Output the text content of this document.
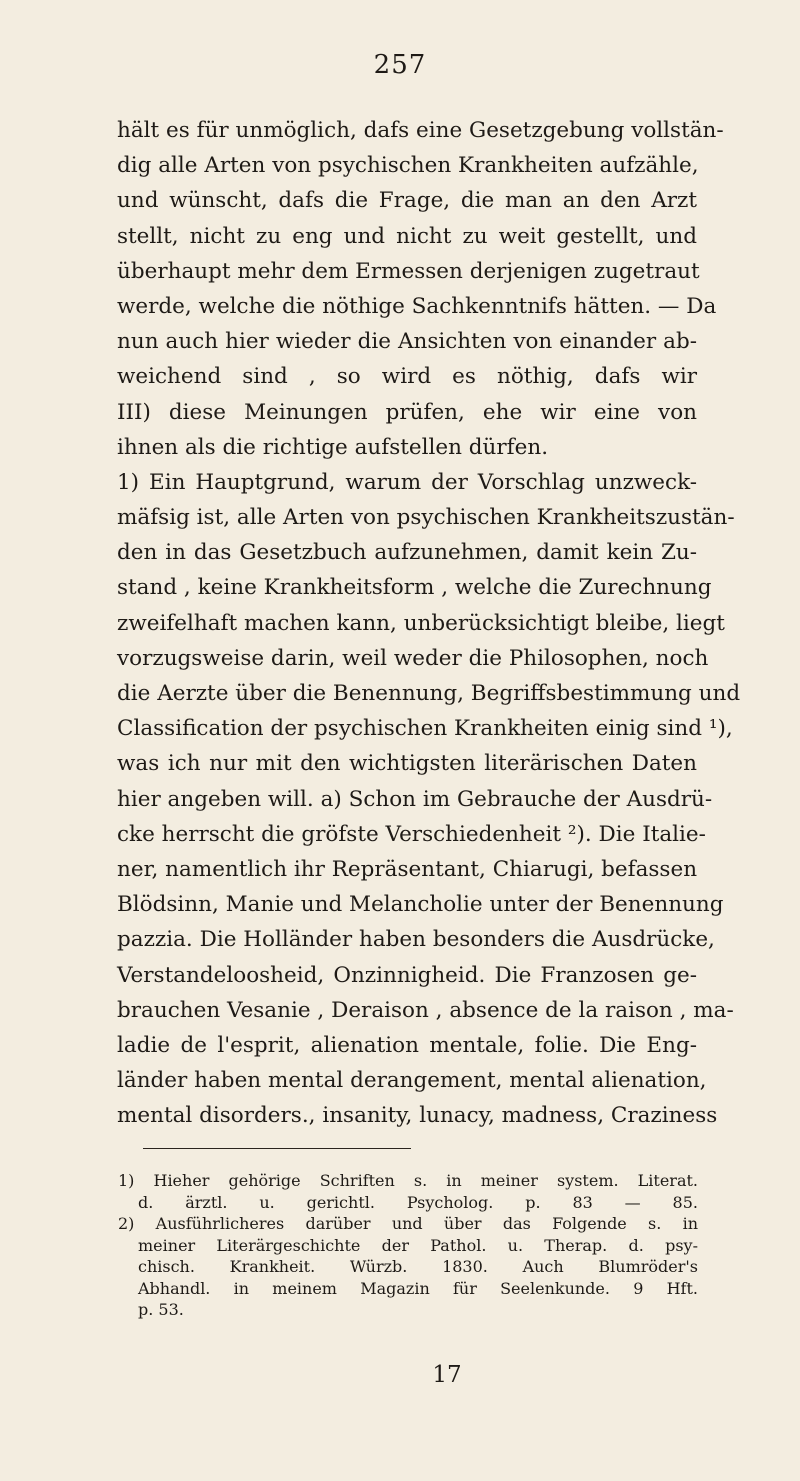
257
hält es für unmöglich, dafs eine Gesetzgebung vollstän-
dig alle Arten von psychischen Krankheiten aufzähle,
und wünscht, dafs die Frage, die man an den Arzt
stellt, nicht zu eng und nicht zu weit gestellt, und
überhaupt mehr dem Ermessen derjenigen zugetraut
werde, welche die nöthige Sachkenntnifs hätten. — Da
nun auch hier wieder die Ansichten von einander ab-
weichend sind , so wird es nöthig, dafs wir
III) diese Meinungen prüfen, ehe wir eine von
ihnen als die richtige aufstellen dürfen.
1) Ein Hauptgrund, warum der Vorschlag unzweck-
mäfsig ist, alle Arten von psychischen Krankheitszustän-
den in das Gesetzbuch aufzunehmen, damit kein Zu-
stand , keine Krankheitsform , welche die Zurechnung
zweifelhaft machen kann, unberücksichtigt bleibe, liegt
vorzugsweise darin, weil weder die Philosophen, noch
die Aerzte über die Benennung, Begriffsbestimmung und
Classification der psychischen Krankheiten einig sind ¹),
was ich nur mit den wichtigsten literärischen Daten
hier angeben will. a) Schon im Gebrauche der Ausdrü-
cke herrscht die gröfste Verschiedenheit ²). Die Italie-
ner, namentlich ihr Repräsentant, Chiarugi, befassen
Blödsinn, Manie und Melancholie unter der Benennung
pazzia. Die Holländer haben besonders die Ausdrücke,
Verstandeloosheid, Onzinnigheid. Die Franzosen ge-
brauchen Vesanie , Deraison , absence de la raison , ma-
ladie de l'esprit, alienation mentale, folie. Die Eng-
länder haben mental derangement, mental alienation,
mental disorders., insanity, lunacy, madness, Craziness
1) Hieher gehörige Schriften s. in meiner system. Literat.
d. ärztl. u. gerichtl. Psycholog. p. 83 — 85.
2) Ausführlicheres darüber und über das Folgende s. in
meiner Literärgeschichte der Pathol. u. Therap. d. psy-
chisch. Krankheit. Würzb. 1830. Auch Blumröder's
Abhandl. in meinem Magazin für Seelenkunde. 9 Hft.
p. 53.
17
